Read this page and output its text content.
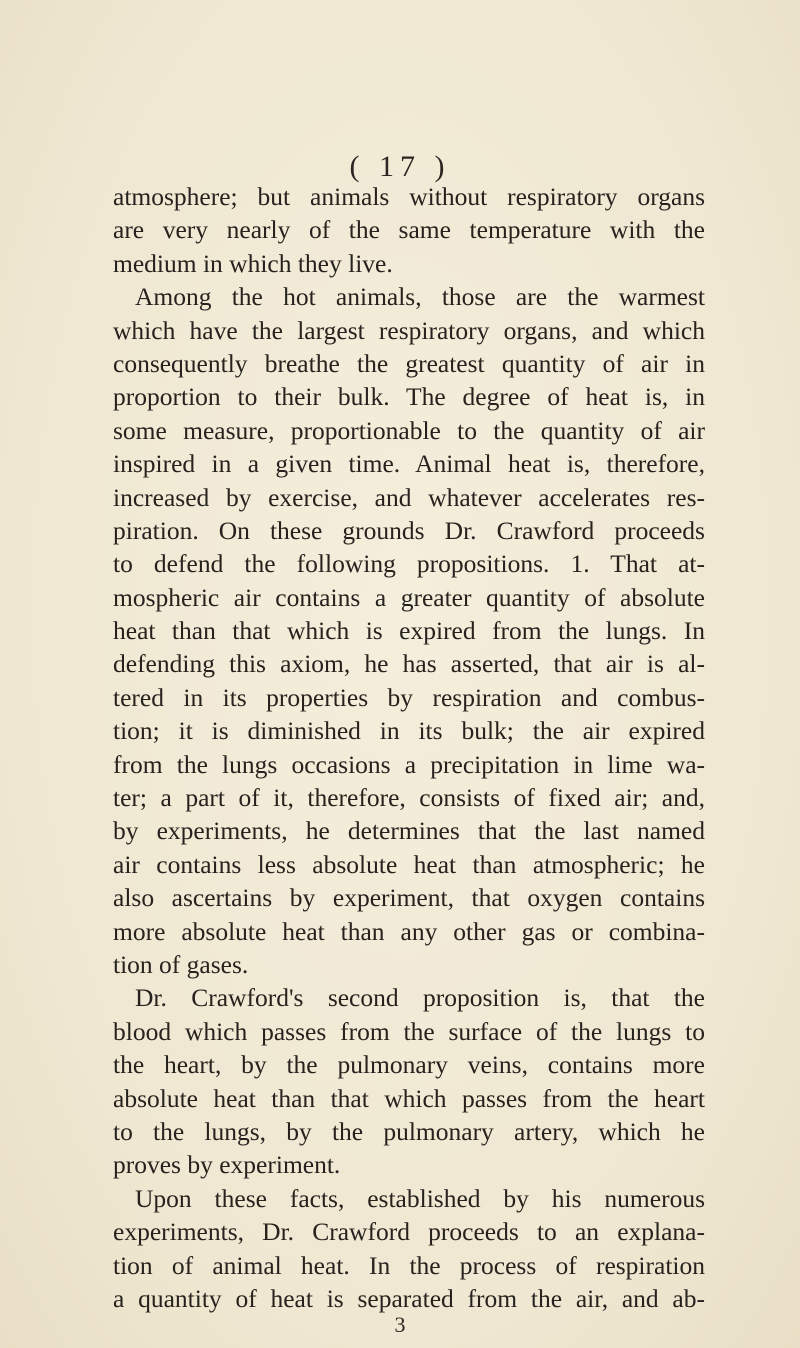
( 17 )
atmosphere; but animals without respiratory organs
are very nearly of the same temperature with the
medium in which they live.
Among the hot animals, those are the warmest
which have the largest respiratory organs, and which
consequently breathe the greatest quantity of air in
proportion to their bulk. The degree of heat is, in
some measure, proportionable to the quantity of air
inspired in a given time. Animal heat is, therefore,
increased by exercise, and whatever accelerates res-
piration. On these grounds Dr. Crawford proceeds
to defend the following propositions. 1. That at-
mospheric air contains a greater quantity of absolute
heat than that which is expired from the lungs. In
defending this axiom, he has asserted, that air is al-
tered in its properties by respiration and combus-
tion; it is diminished in its bulk; the air expired
from the lungs occasions a precipitation in lime wa-
ter; a part of it, therefore, consists of fixed air; and,
by experiments, he determines that the last named
air contains less absolute heat than atmospheric; he
also ascertains by experiment, that oxygen contains
more absolute heat than any other gas or combina-
tion of gases.
Dr. Crawford's second proposition is, that the
blood which passes from the surface of the lungs to
the heart, by the pulmonary veins, contains more
absolute heat than that which passes from the heart
to the lungs, by the pulmonary artery, which he
proves by experiment.
Upon these facts, established by his numerous
experiments, Dr. Crawford proceeds to an explana-
tion of animal heat. In the process of respiration
a quantity of heat is separated from the air, and ab-
3
